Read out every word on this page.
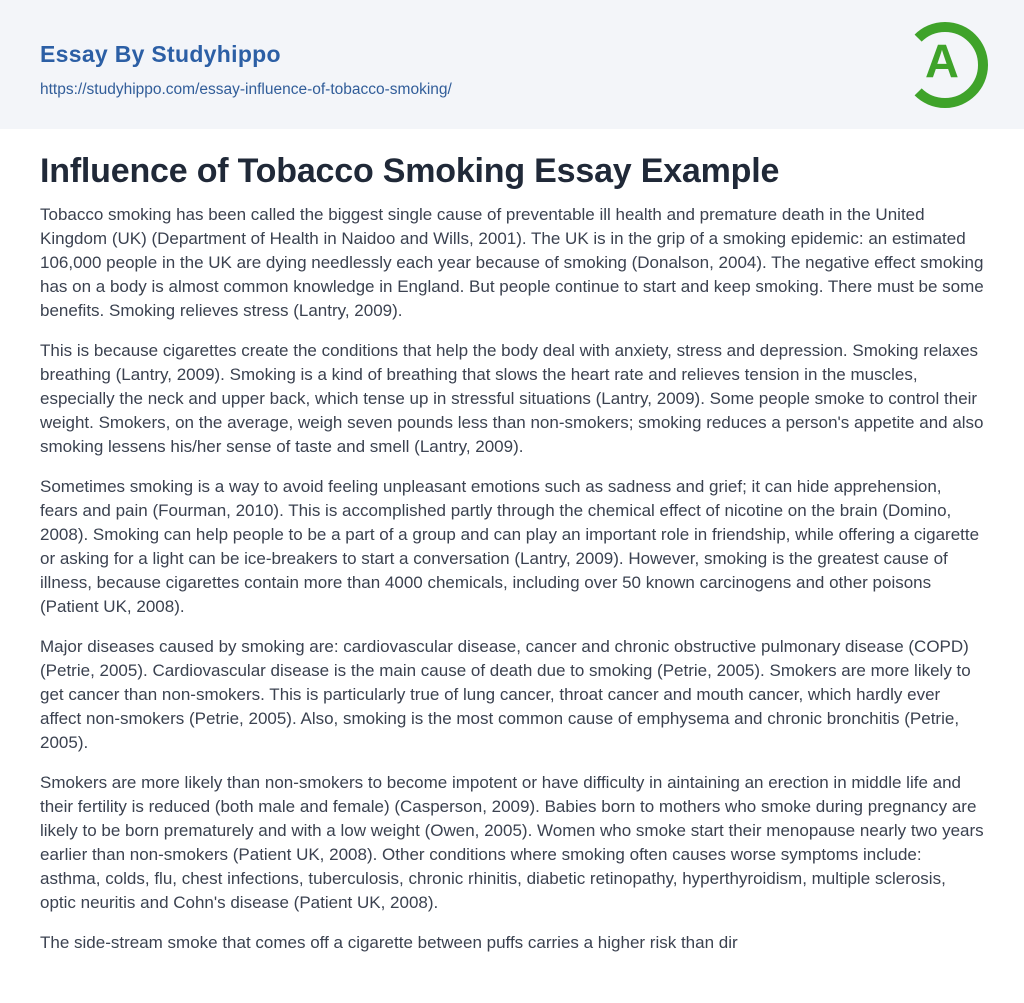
Essay By Studyhippo
https://studyhippo.com/essay-influence-of-tobacco-smoking/
A
Influence of Tobacco Smoking Essay Example

Tobacco smoking has been called the biggest single cause of preventable ill health and premature death in the United Kingdom (UK) (Department of Health in Naidoo and Wills, 2001). The UK is in the grip of a smoking epidemic: an estimated 106,000 people in the UK are dying needlessly each year because of smoking (Donalson, 2004). The negative effect smoking has on a body is almost common knowledge in England. But people continue to start and keep smoking. There must be some benefits. Smoking relieves stress (Lantry, 2009).

This is because cigarettes create the conditions that help the body deal with anxiety, stress and depression. Smoking relaxes breathing (Lantry, 2009). Smoking is a kind of breathing that slows the heart rate and relieves tension in the muscles, especially the neck and upper back, which tense up in stressful situations (Lantry, 2009). Some people smoke to control their weight. Smokers, on the average, weigh seven pounds less than non-smokers; smoking reduces a person's appetite and also smoking lessens his/her sense of taste and smell (Lantry, 2009).

Sometimes smoking is a way to avoid feeling unpleasant emotions such as sadness and grief; it can hide apprehension, fears and pain (Fourman, 2010). This is accomplished partly through the chemical effect of nicotine on the brain (Domino, 2008). Smoking can help people to be a part of a group and can play an important role in friendship, while offering a cigarette or asking for a light can be ice-breakers to start a conversation (Lantry, 2009). However, smoking is the greatest cause of illness, because cigarettes contain more than 4000 chemicals, including over 50 known carcinogens and other poisons (Patient UK, 2008).

Major diseases caused by smoking are: cardiovascular disease, cancer and chronic obstructive pulmonary disease (COPD) (Petrie, 2005). Cardiovascular disease is the main cause of death due to smoking (Petrie, 2005). Smokers are more likely to get cancer than non-smokers. This is particularly true of lung cancer, throat cancer and mouth cancer, which hardly ever affect non-smokers (Petrie, 2005). Also, smoking is the most common cause of emphysema and chronic bronchitis (Petrie, 2005).

Smokers are more likely than non-smokers to become impotent or have difficulty in aintaining an erection in middle life and their fertility is reduced (both male and female) (Casperson, 2009). Babies born to mothers who smoke during pregnancy are likely to be born prematurely and with a low weight (Owen, 2005). Women who smoke start their menopause nearly two years earlier than non-smokers (Patient UK, 2008). Other conditions where smoking often causes worse symptoms include: asthma, colds, flu, chest infections, tuberculosis, chronic rhinitis, diabetic retinopathy, hyperthyroidism, multiple sclerosis, optic neuritis and Cohn's disease (Patient UK, 2008).

The side-stream smoke that comes off a cigarette between puffs carries a higher risk than dir
